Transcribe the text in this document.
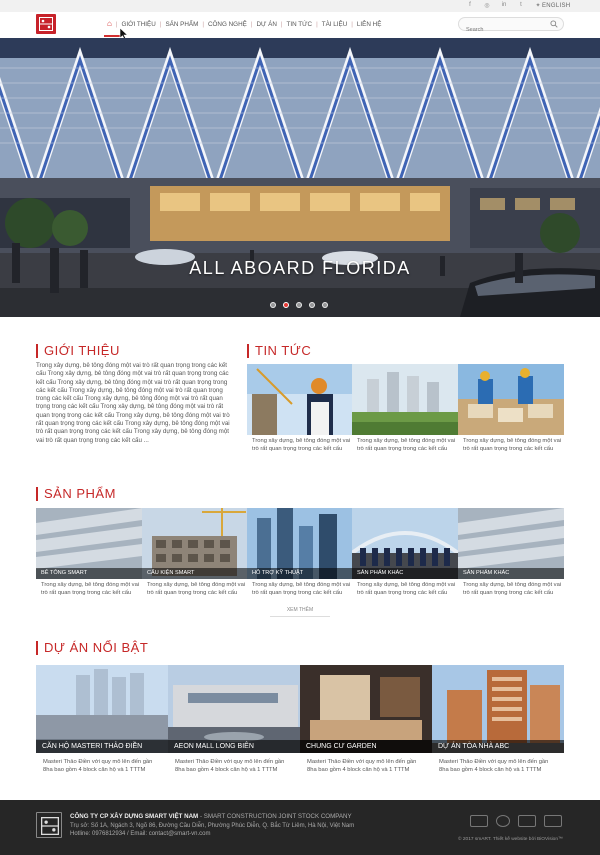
f	◎ in	t	✦ ENGLISH
⌂ | GIỚI THIỆU | SẢN PHẨM | CÔNG NGHỆ | DỰ ÁN | TIN TỨC | TÀI LIỆU | LIÊN HỆ
Search
ALL ABOARD FLORIDA
GIỚI THIỆU
Trong xây dựng, bê tông đóng một vai trò rất quan trọng trong các kết cấu Trong xây dựng, bê tông đóng một vai trò rất quan trọng trong các kết cấu Trong xây dựng, bê tông đóng một vai trò rất quan trọng trong các kết cấu Trong xây dựng, bê tông đóng một vai trò rất quan trọng trong các kết cấu Trong xây dựng, bê tông đóng một vai trò rất quan trọng trong các kết cấu Trong xây dựng, bê tông đóng một vai trò rất quan trọng trong các kết cấu Trong xây dựng, bê tông đóng một vai trò rất quan trọng trong các kết cấu Trong xây dựng, bê tông đóng một vai trò rất quan trọng trong các kết cấu Trong xây dựng, bê tông đóng một vai trò rất quan trọng trong các kết cấu ...
TIN TỨC
Trong xây dựng, bê tông đóng một vai trò rất quan trọng trong các kết cấu
Trong xây dựng, bê tông đóng một vai trò rất quan trọng trong các kết cấu
Trong xây dựng, bê tông đóng một vai trò rất quan trọng trong các kết cấu
SẢN PHẨM
BÊ TÔNG SMART	CẤU KIỆN SMART	HỖ TRỢ KỸ THUẬT	SẢN PHẨM KHÁC	SẢN PHẨM KHÁC
Trong xây dựng, bê tông đóng một vai trò rất quan trọng trong các kết cấu
Trong xây dựng, bê tông đóng một vai trò rất quan trọng trong các kết cấu
Trong xây dựng, bê tông đóng một vai trò rất quan trọng trong các kết cấu
Trong xây dựng, bê tông đóng một vai trò rất quan trọng trong các kết cấu
Trong xây dựng, bê tông đóng một vai trò rất quan trọng trong các kết cấu
XEM THÊM
DỰ ÁN NỔI BẬT
CĂN HỘ MASTERI THẢO ĐIỀN	AEON MALL LONG BIÊN	CHUNG CƯ GARDEN	DỰ ÁN TÒA NHÀ ABC
Masteri Thảo Điền với quy mô lên đến gần 8ha bao gồm 4 block căn hộ và 1 TTTM
Masteri Thảo Điền với quy mô lên đến gần 8ha bao gồm 4 block căn hộ và 1 TTTM
Masteri Thảo Điền với quy mô lên đến gần 8ha bao gồm 4 block căn hộ và 1 TTTM
Masteri Thảo Điền với quy mô lên đến gần 8ha bao gồm 4 block căn hộ và 1 TTTM
CÔNG TY CP XÂY DỰNG SMART VIỆT NAM - SMART CONSTRUCTION JOINT STOCK COMPANY
Trụ sở: Số 1A, Ngách 3, Ngõ 86, Đường Cầu Diễn, Phường Phúc Diễn, Q. Bắc Từ Liêm, Hà Nội, Việt Nam
Hotline: 0976812934 / Email: contact@smart-vn.com
© 2017 smART. Thiết kế website bởi BiOVision™
